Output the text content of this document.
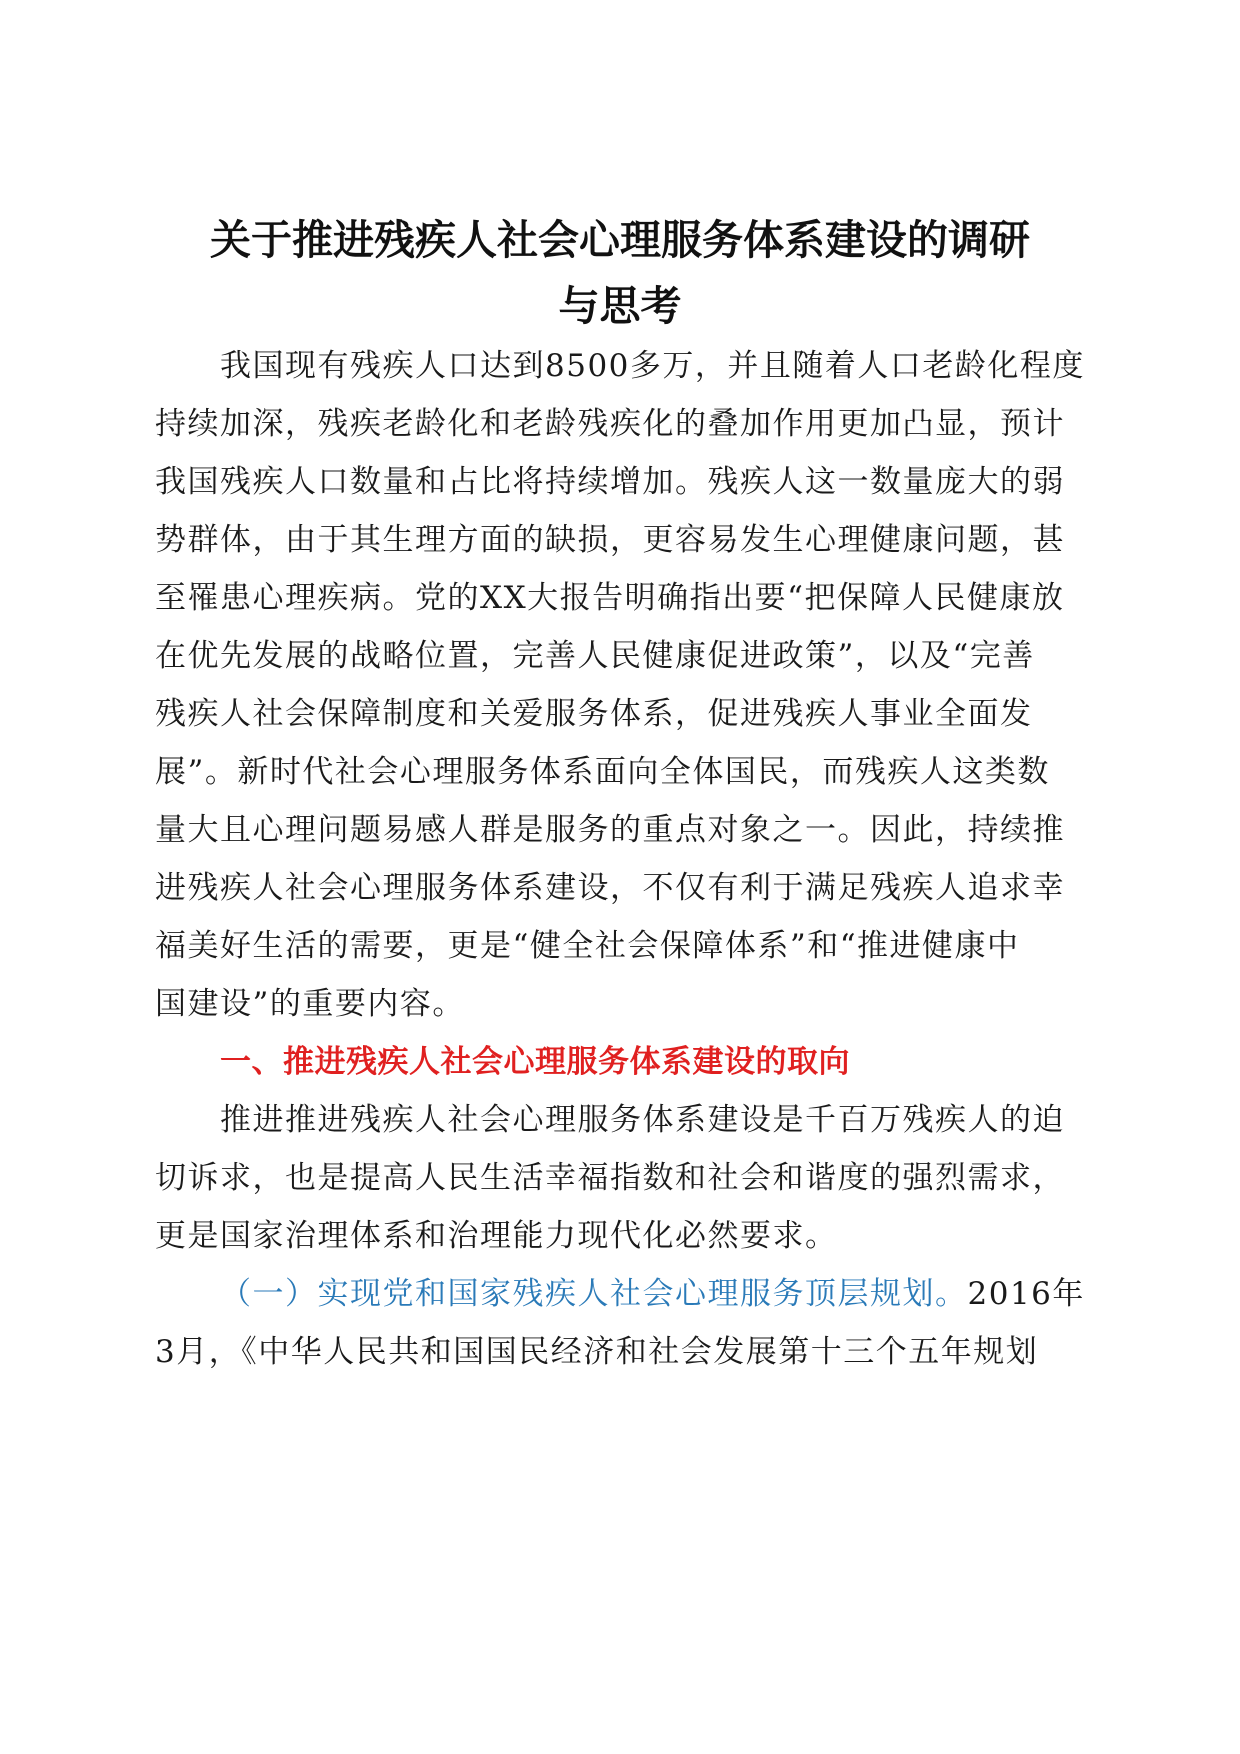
关于推进残疾人社会心理服务体系建设的调研
与思考
我国现有残疾人口达到8500多万，并且随着人口老龄化程度
持续加深，残疾老龄化和老龄残疾化的叠加作用更加凸显，预计
我国残疾人口数量和占比将持续增加。残疾人这一数量庞大的弱
势群体，由于其生理方面的缺损，更容易发生心理健康问题，甚
至罹患心理疾病。党的XX大报告明确指出要“把保障人民健康放
在优先发展的战略位置，完善人民健康促进政策”，以及“完善
残疾人社会保障制度和关爱服务体系，促进残疾人事业全面发
展”。新时代社会心理服务体系面向全体国民，而残疾人这类数
量大且心理问题易感人群是服务的重点对象之一。因此，持续推
进残疾人社会心理服务体系建设，不仅有利于满足残疾人追求幸
福美好生活的需要，更是“健全社会保障体系”和“推进健康中
国建设”的重要内容。
一、推进残疾人社会心理服务体系建设的取向
推进推进残疾人社会心理服务体系建设是千百万残疾人的迫
切诉求，也是提高人民生活幸福指数和社会和谐度的强烈需求，
更是国家治理体系和治理能力现代化必然要求。
（一）实现党和国家残疾人社会心理服务顶层规划。2016年
3月，《中华人民共和国国民经济和社会发展第十三个五年规划
